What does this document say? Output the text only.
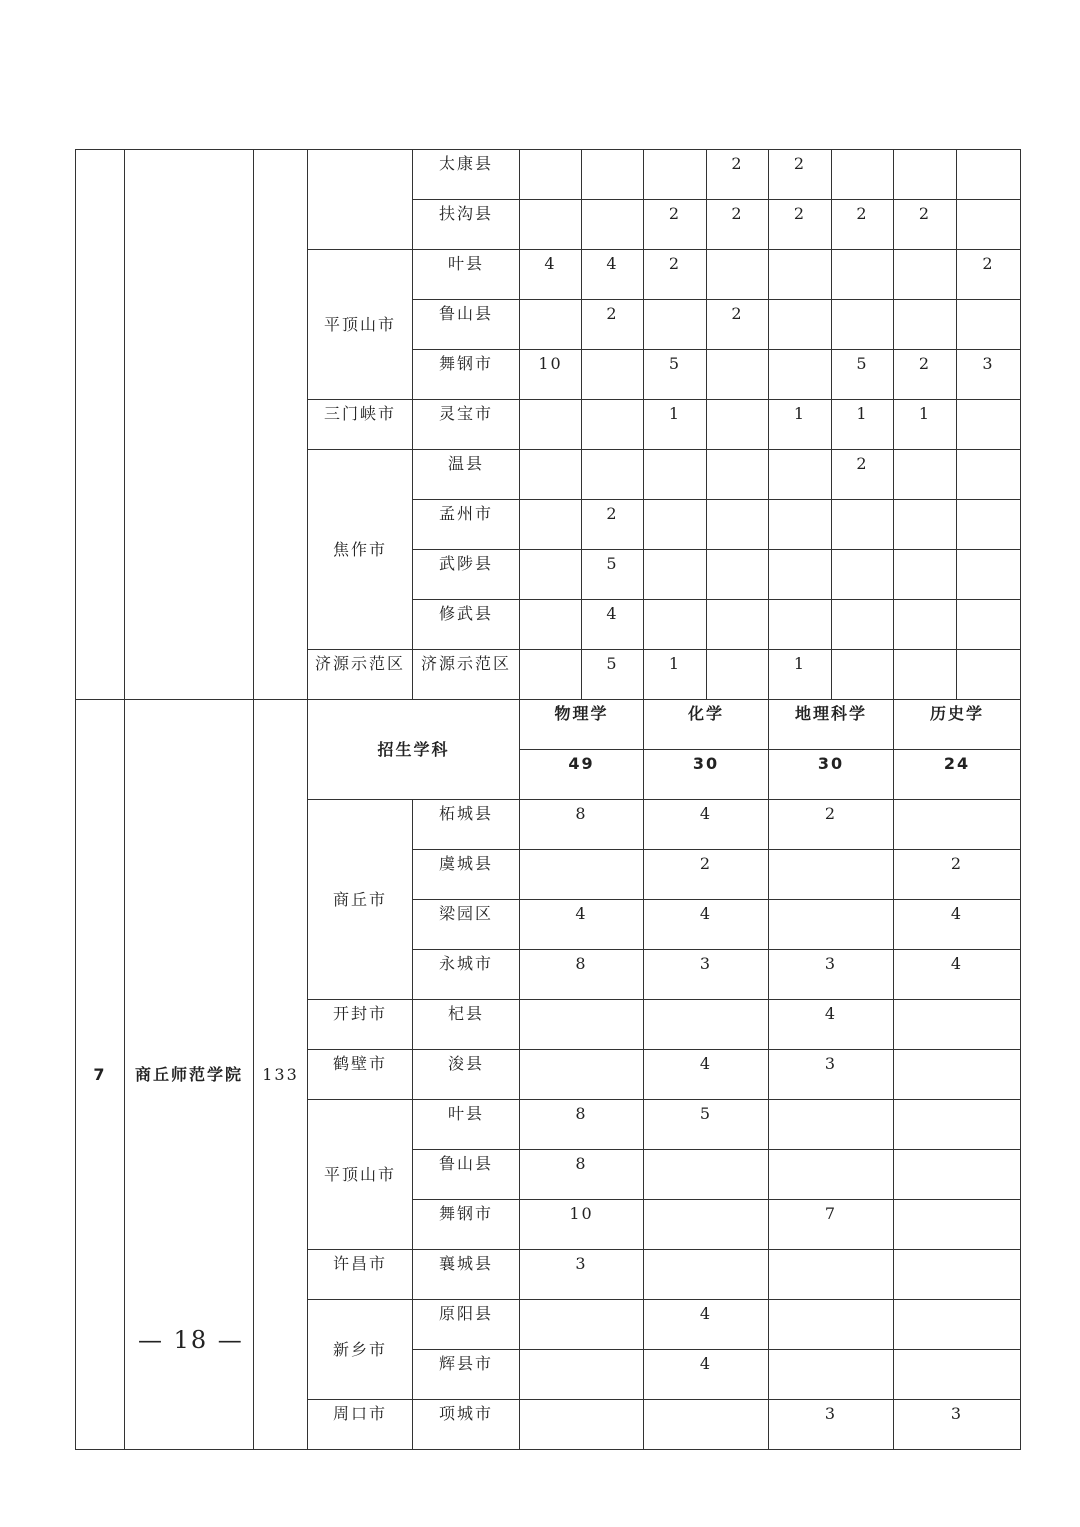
				太康县				2	2			
				扶沟县			2	2	2	2	2	
			平顶山市	叶县	4	4	2					2
				鲁山县		2		2				
				舞钢市	10		5			5	2	3
			三门峡市	灵宝市			1		1	1	1	
			焦作市	温县						2		
				孟州市		2						
				武陟县		5						
				修武县		4						
			济源示范区	济源示范区		5	1		1			
7	商丘师范学院	133	招生学科		物理学		化学		地理科学		历史学	
					49		30		30		24	
			商丘市	柘城县	8		4		2			
				虞城县			2				2	
				梁园区	4		4				4	
				永城市	8		3		3		4	
			开封市	杞县					4			
			鹤壁市	浚县			4		3			
			平顶山市	叶县	8		5					
				鲁山县	8							
				舞钢市	10				7			
			许昌市	襄城县	3							
			新乡市	原阳县			4					
				辉县市			4					
			周口市	项城市					3		3	
— 18 —
